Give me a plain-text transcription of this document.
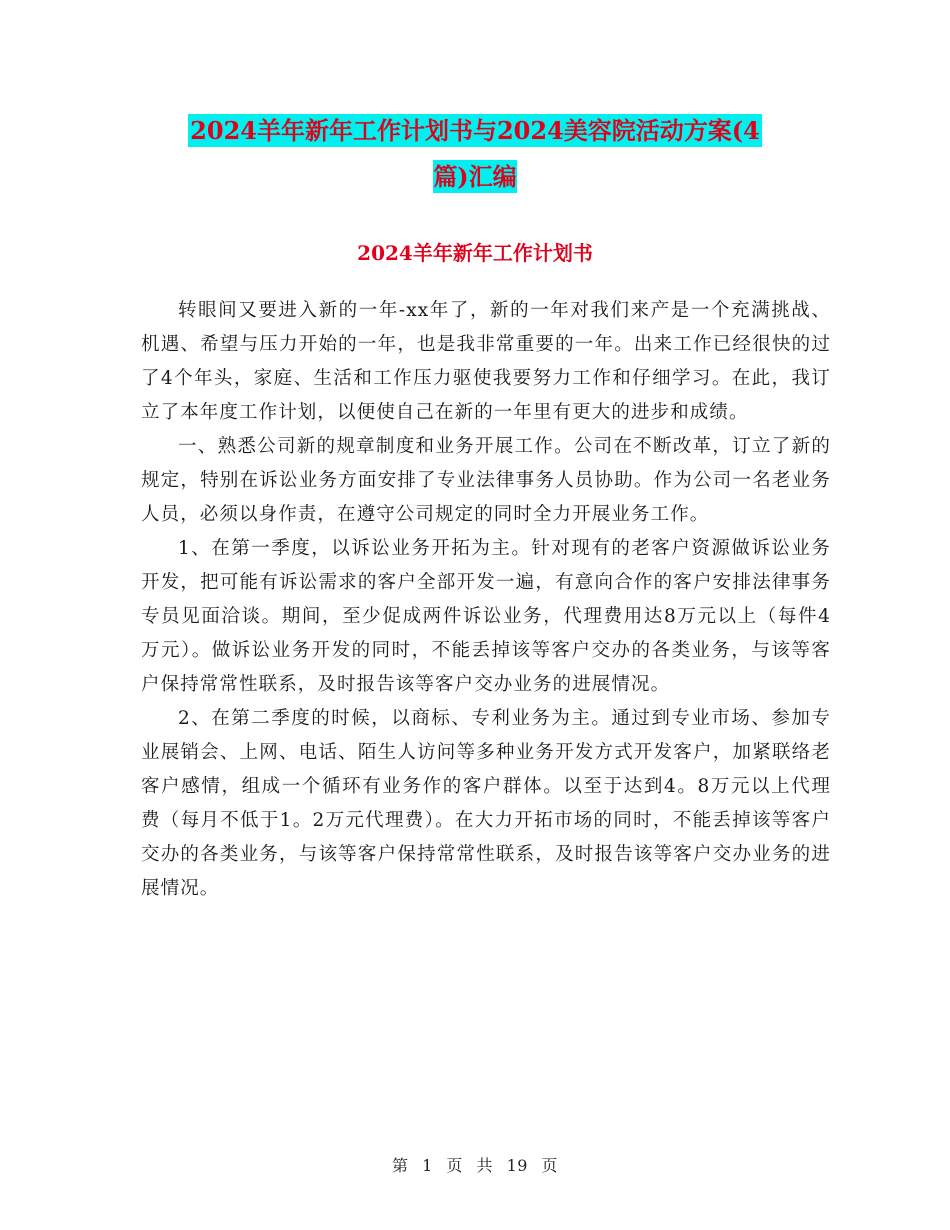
2024羊年新年工作计划书与2024美容院活动方案(4
篇)汇编
2024羊年新年工作计划书

转眼间又要进入新的一年-xx年了，新的一年对我们来产是一个充满挑战、机遇、希望与压力开始的一年，也是我非常重要的一年。出来工作已经很快的过了4个年头，家庭、生活和工作压力驱使我要努力工作和仔细学习。在此，我订立了本年度工作计划，以便使自己在新的一年里有更大的进步和成绩。

一、熟悉公司新的规章制度和业务开展工作。公司在不断改革，订立了新的规定，特别在诉讼业务方面安排了专业法律事务人员协助。作为公司一名老业务人员，必须以身作责，在遵守公司规定的同时全力开展业务工作。

1、在第一季度，以诉讼业务开拓为主。针对现有的老客户资源做诉讼业务开发，把可能有诉讼需求的客户全部开发一遍，有意向合作的客户安排法律事务专员见面洽谈。期间，至少促成两件诉讼业务，代理费用达8万元以上（每件4万元）。做诉讼业务开发的同时，不能丢掉该等客户交办的各类业务，与该等客户保持常常性联系，及时报告该等客户交办业务的进展情况。

2、在第二季度的时候，以商标、专利业务为主。通过到专业市场、参加专业展销会、上网、电话、陌生人访问等多种业务开发方式开发客户，加紧联络老客户感情，组成一个循环有业务作的客户群体。以至于达到4。8万元以上代理费（每月不低于1。2万元代理费）。在大力开拓市场的同时，不能丢掉该等客户交办的各类业务，与该等客户保持常常性联系，及时报告该等客户交办业务的进展情况。

第 1 页 共 19 页
